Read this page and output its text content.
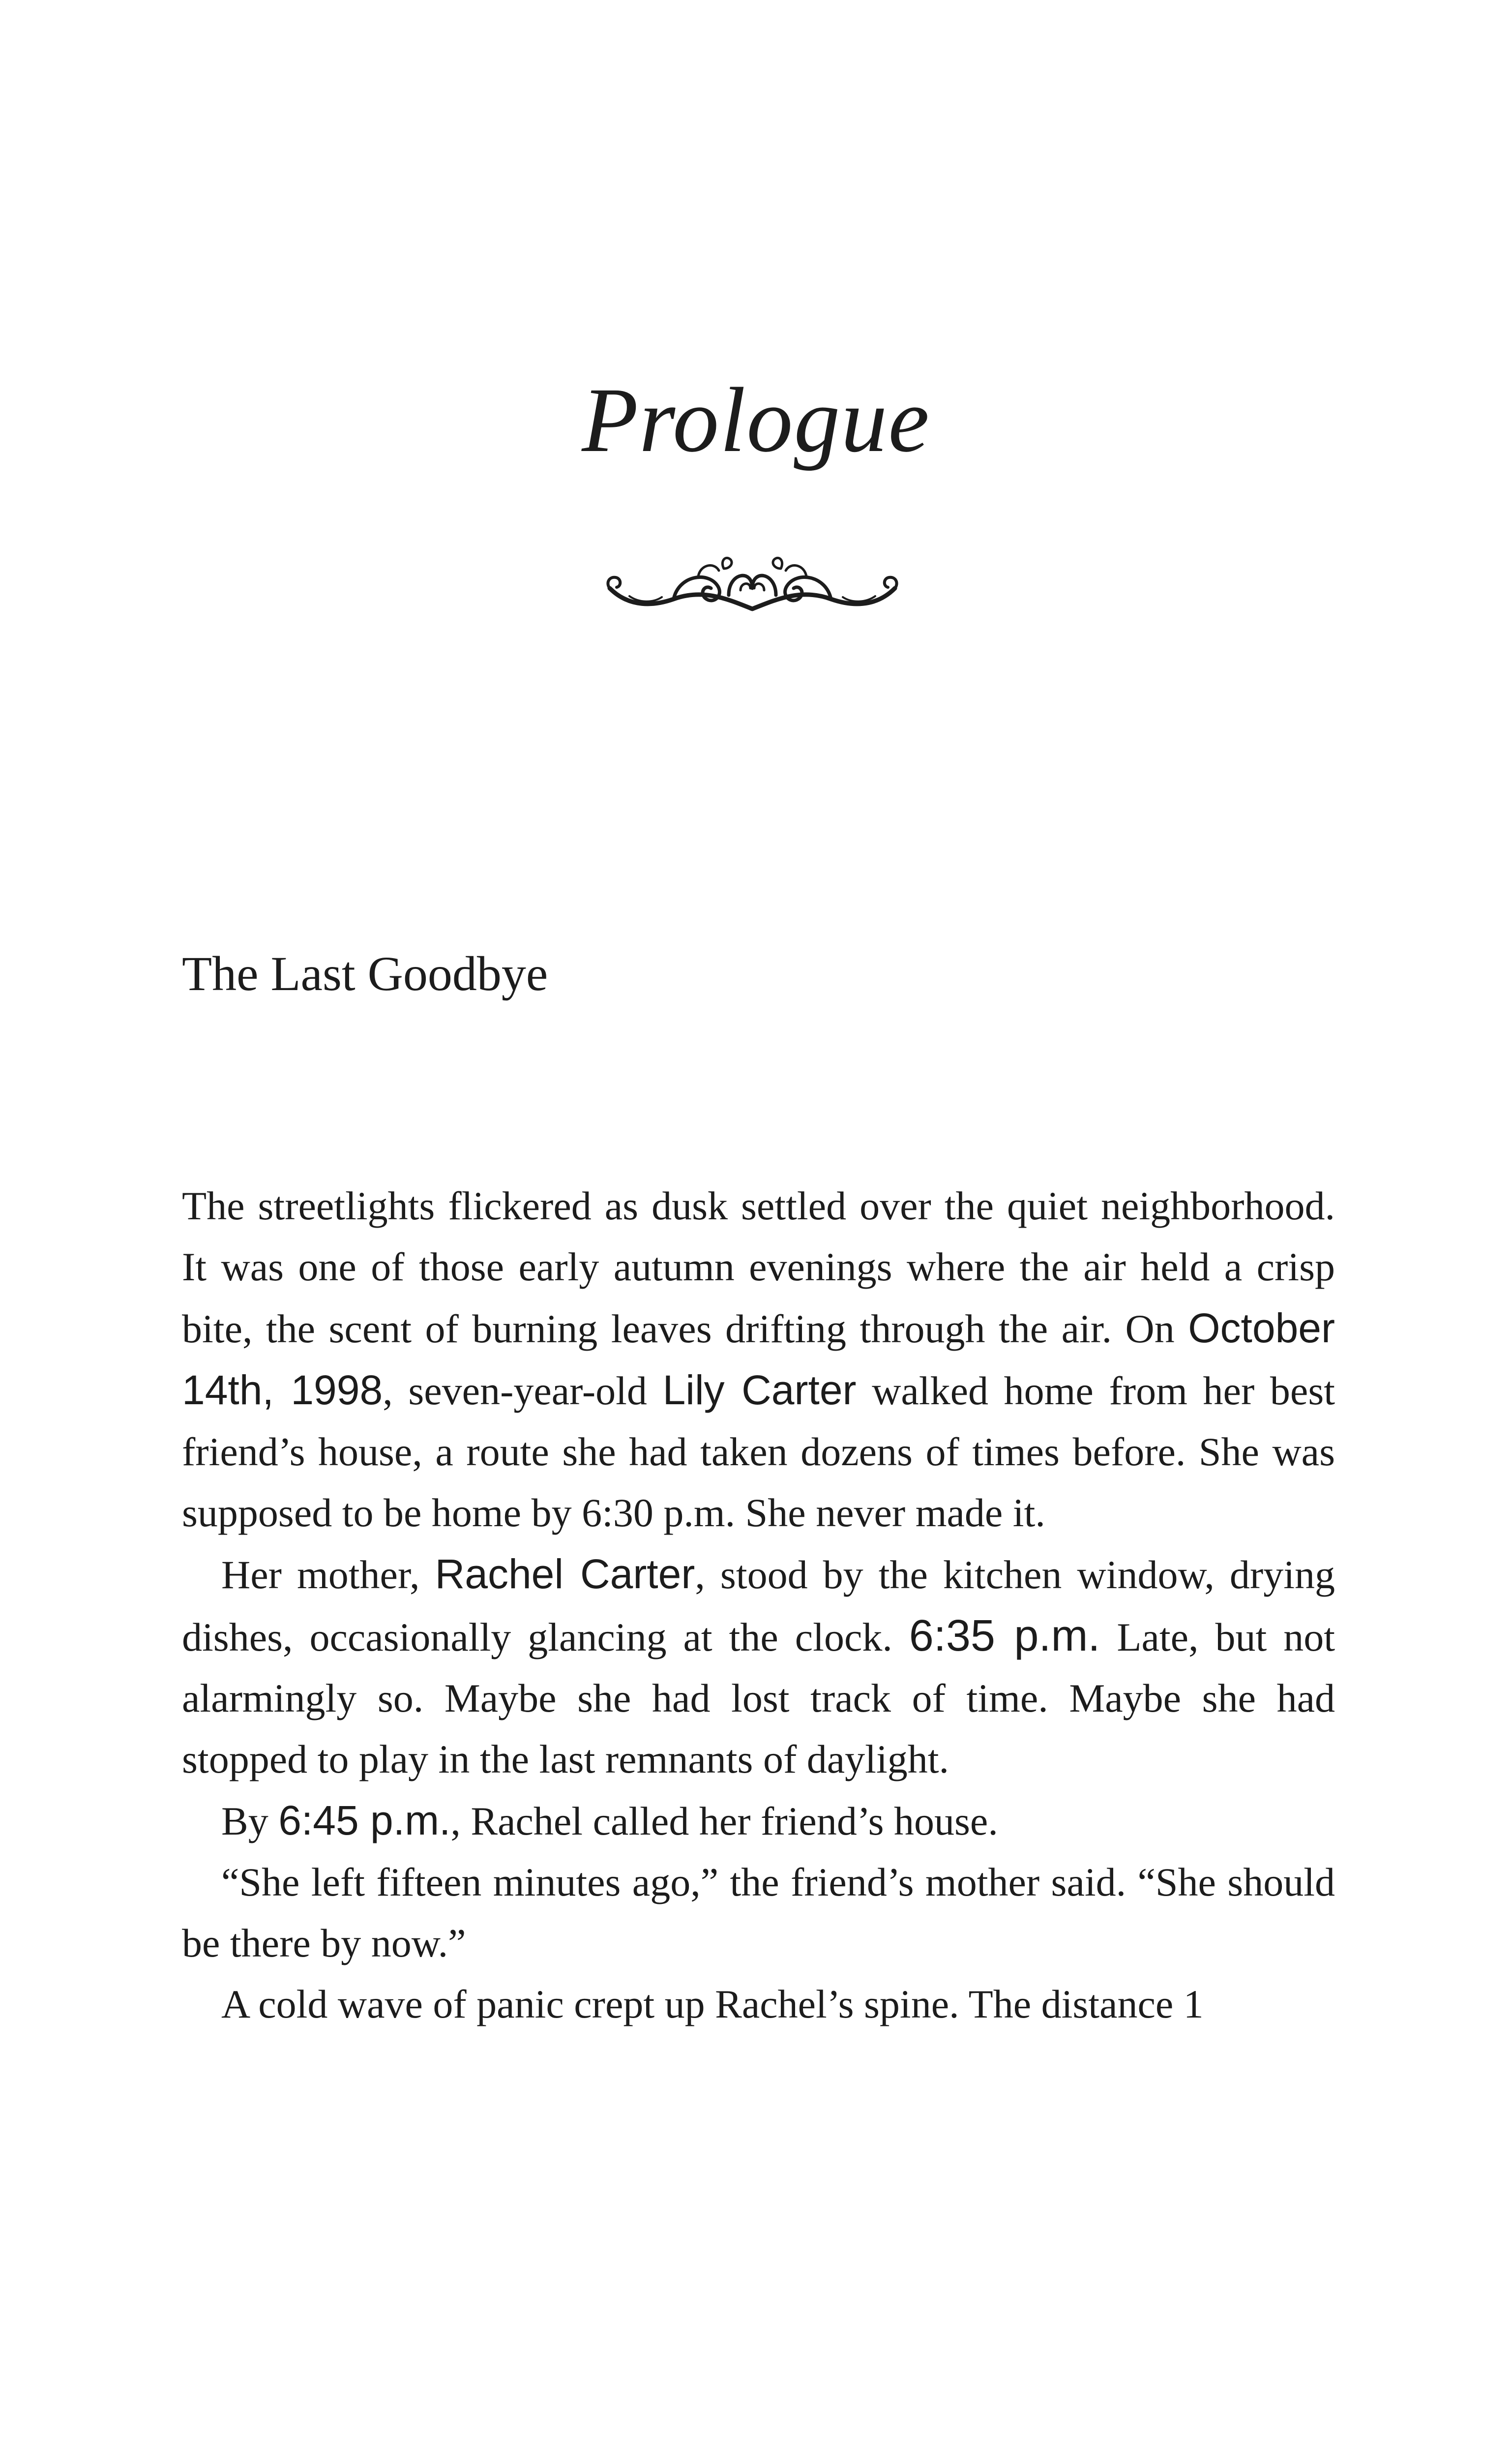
Prologue
The Last Goodbye

The streetlights flickered as dusk settled over the quiet neighborhood. It was one of those early autumn evenings where the air held a crisp bite, the scent of burning leaves drifting through the air. On October 14th, 1998, seven-year-old Lily Carter walked home from her best friend’s house, a route she had taken dozens of times before. She was supposed to be home by 6:30 p.m. She never made it.

Her mother, Rachel Carter, stood by the kitchen window, drying dishes, occasionally glancing at the clock. 6:35 p.m. Late, but not alarmingly so. Maybe she had lost track of time. Maybe she had stopped to play in the last remnants of daylight.

By 6:45 p.m., Rachel called her friend’s house.

“She left fifteen minutes ago,” the friend’s mother said. “She should be there by now.”

A cold wave of panic crept up Rachel’s spine. The distance 1
